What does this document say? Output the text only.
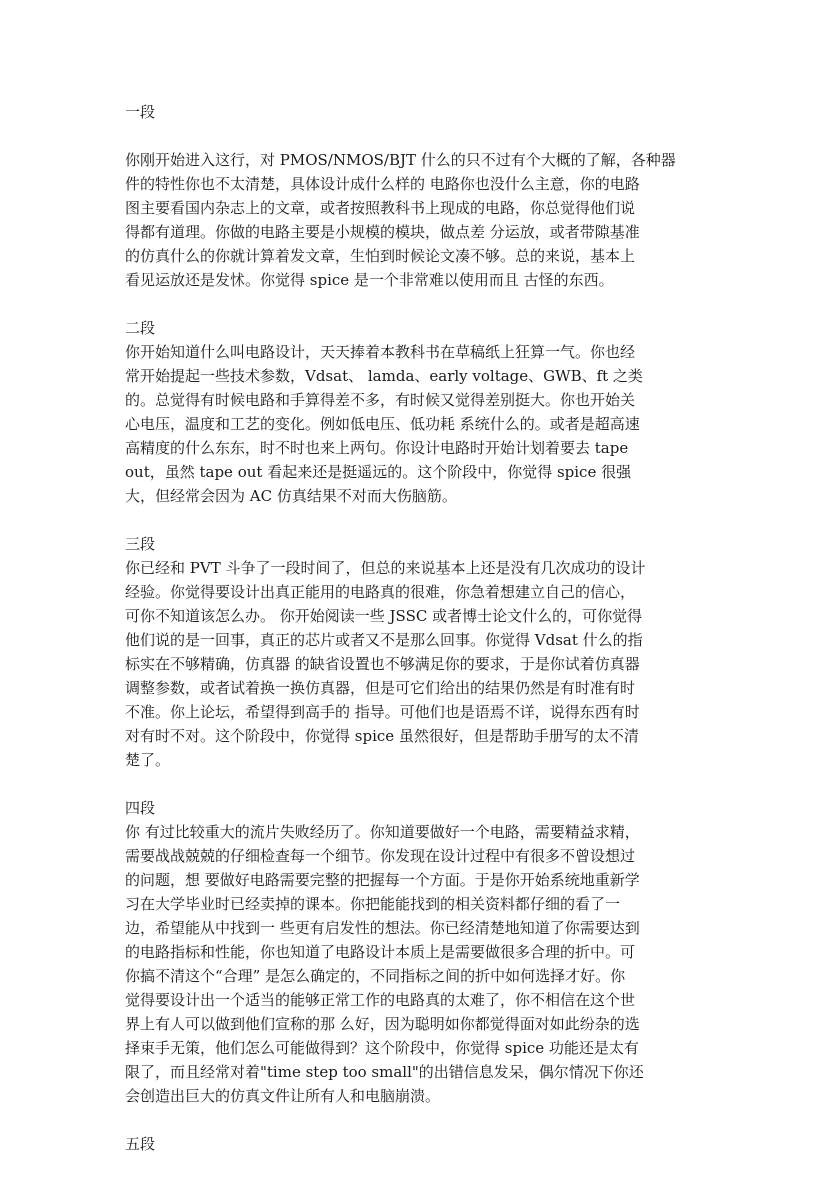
一段
你刚开始进入这行，对 PMOS/NMOS/BJT 什么的只不过有个大概的了解，各种器
件的特性你也不太清楚，具体设计成什么样的 电路你也没什么主意，你的电路
图主要看国内杂志上的文章，或者按照教科书上现成的电路，你总觉得他们说
得都有道理。你做的电路主要是小规模的模块，做点差 分运放，或者带隙基准
的仿真什么的你就计算着发文章，生怕到时候论文凑不够。总的来说，基本上
看见运放还是发怵。你觉得 spice 是一个非常难以使用而且 古怪的东西。
二段
你开始知道什么叫电路设计，天天捧着本教科书在草稿纸上狂算一气。你也经
常开始提起一些技术参数，Vdsat、 lamda、early voltage、GWB、ft 之类
的。总觉得有时候电路和手算得差不多，有时候又觉得差别挺大。你也开始关
心电压，温度和工艺的变化。例如低电压、低功耗 系统什么的。或者是超高速
高精度的什么东东，时不时也来上两句。你设计电路时开始计划着要去 tape
out，虽然 tape out 看起来还是挺遥远的。这个阶段中，你觉得 spice 很强
大，但经常会因为 AC 仿真结果不对而大伤脑筋。
三段
你已经和 PVT 斗争了一段时间了，但总的来说基本上还是没有几次成功的设计
经验。你觉得要设计出真正能用的电路真的很难，你急着想建立自己的信心，
可你不知道该怎么办。 你开始阅读一些 JSSC 或者博士论文什么的，可你觉得
他们说的是一回事，真正的芯片或者又不是那么回事。你觉得 Vdsat 什么的指
标实在不够精确，仿真器 的缺省设置也不够满足你的要求，于是你试着仿真器
调整参数，或者试着换一换仿真器，但是可它们给出的结果仍然是有时准有时
不准。你上论坛，希望得到高手的 指导。可他们也是语焉不详，说得东西有时
对有时不对。这个阶段中，你觉得 spice 虽然很好，但是帮助手册写的太不清
楚了。
四段
你 有过比较重大的流片失败经历了。你知道要做好一个电路，需要精益求精，
需要战战兢兢的仔细检查每一个细节。你发现在设计过程中有很多不曾设想过
的问题，想 要做好电路需要完整的把握每一个方面。于是你开始系统地重新学
习在大学毕业时已经卖掉的课本。你把能能找到的相关资料都仔细的看了一
边，希望能从中找到一 些更有启发性的想法。你已经清楚地知道了你需要达到
的电路指标和性能，你也知道了电路设计本质上是需要做很多合理的折中。可
你搞不清这个“合理” 是怎么确定的，不同指标之间的折中如何选择才好。你
觉得要设计出一个适当的能够正常工作的电路真的太难了，你不相信在这个世
界上有人可以做到他们宣称的那 么好，因为聪明如你都觉得面对如此纷杂的选
择束手无策，他们怎么可能做得到？这个阶段中，你觉得 spice 功能还是太有
限了，而且经常对着"time step too small"的出错信息发呆，偶尔情况下你还
会创造出巨大的仿真文件让所有人和电脑崩溃。
五段
